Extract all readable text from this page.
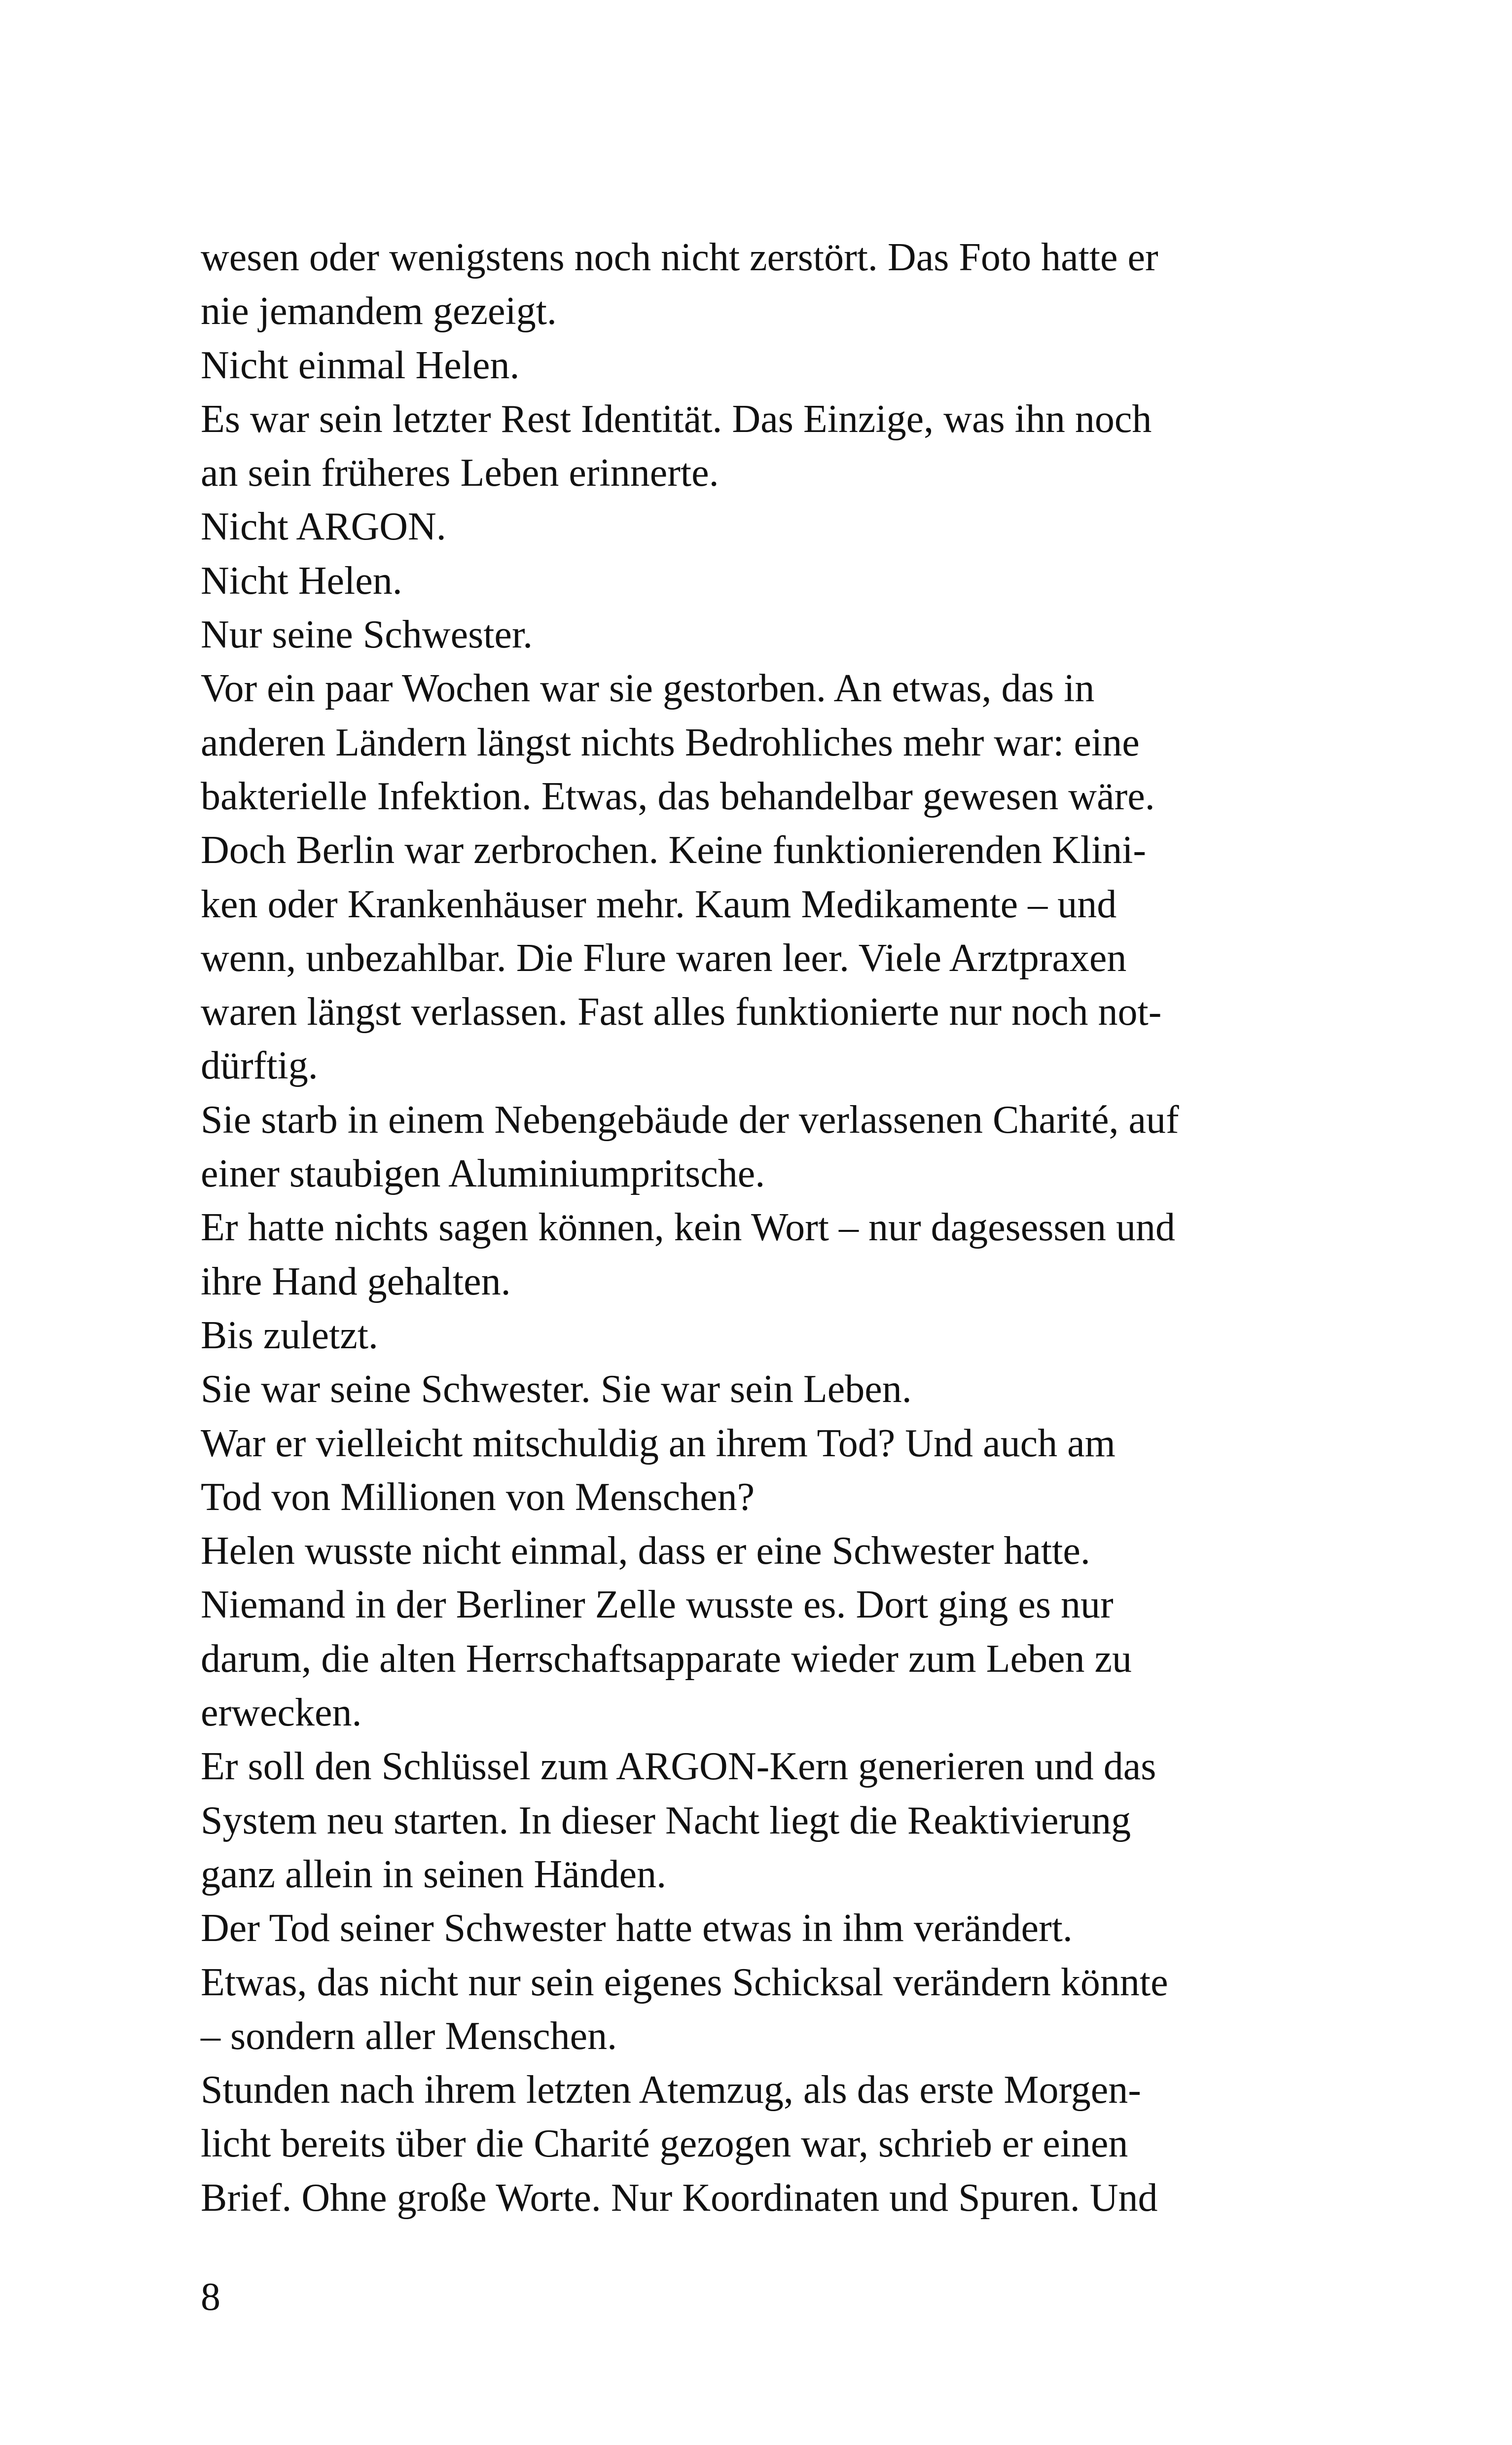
wesen oder wenigstens noch nicht zerstört. Das Foto hatte er
nie jemandem gezeigt.
Nicht einmal Helen.
Es war sein letzter Rest Identität. Das Einzige, was ihn noch
an sein früheres Leben erinnerte.
Nicht ARGON.
Nicht Helen.
Nur seine Schwester.
Vor ein paar Wochen war sie gestorben. An etwas, das in
anderen Ländern längst nichts Bedrohliches mehr war: eine
bakterielle Infektion. Etwas, das behandelbar gewesen wäre.
Doch Berlin war zerbrochen. Keine funktionierenden Klini-
ken oder Krankenhäuser mehr. Kaum Medikamente – und
wenn, unbezahlbar. Die Flure waren leer. Viele Arztpraxen
waren längst verlassen. Fast alles funktionierte nur noch not-
dürftig.
Sie starb in einem Nebengebäude der verlassenen Charité, auf
einer staubigen Aluminiumpritsche.
Er hatte nichts sagen können, kein Wort – nur dagesessen und
ihre Hand gehalten.
Bis zuletzt.
Sie war seine Schwester. Sie war sein Leben.
War er vielleicht mitschuldig an ihrem Tod? Und auch am
Tod von Millionen von Menschen?
Helen wusste nicht einmal, dass er eine Schwester hatte.
Niemand in der Berliner Zelle wusste es. Dort ging es nur
darum, die alten Herrschaftsapparate wieder zum Leben zu
erwecken.
Er soll den Schlüssel zum ARGON-Kern generieren und das
System neu starten. In dieser Nacht liegt die Reaktivierung
ganz allein in seinen Händen.
Der Tod seiner Schwester hatte etwas in ihm verändert.
Etwas, das nicht nur sein eigenes Schicksal verändern könnte
– sondern aller Menschen.
Stunden nach ihrem letzten Atemzug, als das erste Morgen-
licht bereits über die Charité gezogen war, schrieb er einen
Brief. Ohne große Worte. Nur Koordinaten und Spuren. Und
8
